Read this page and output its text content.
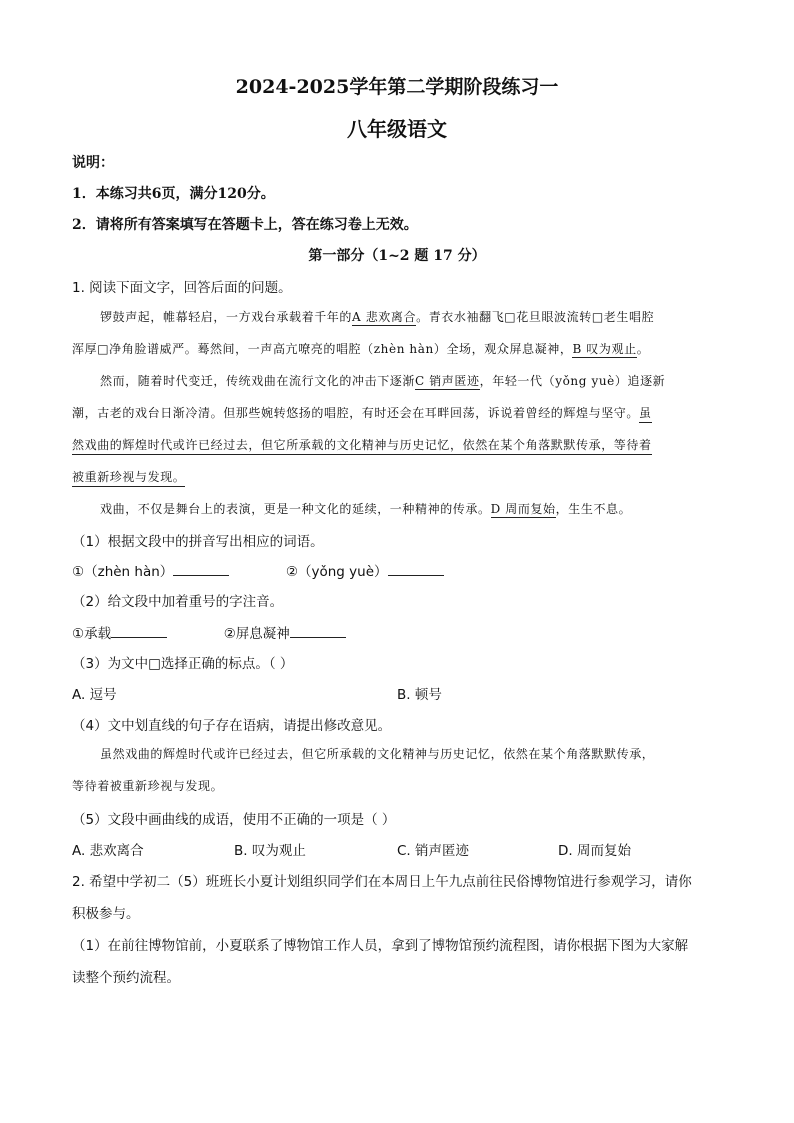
2024-2025学年第二学期阶段练习一
八年级语文
说明：
1．本练习共6页，满分120分。
2．请将所有答案填写在答题卡上，答在练习卷上无效。
第一部分（1~2 题 17 分）
1. 阅读下面文字，回答后面的问题。
锣鼓声起，帷幕轻启，一方戏台承载着千年的A 悲欢离合。青衣水袖翻飞□花旦眼波流转□老生唱腔
浑厚□净角脸谱威严。蓦然间，一声高亢嘹亮的唱腔（zhèn hàn）全场，观众屏息凝神，B 叹为观止。
然而，随着时代变迁，传统戏曲在流行文化的冲击下逐渐C 销声匿迹，年轻一代（yǒng yuè）追逐新
潮，古老的戏台日渐冷清。但那些婉转悠扬的唱腔，有时还会在耳畔回荡，诉说着曾经的辉煌与坚守。虽
然戏曲的辉煌时代或许已经过去，但它所承载的文化精神与历史记忆，依然在某个角落默默传承，等待着
被重新珍视与发现。
戏曲，不仅是舞台上的表演，更是一种文化的延续，一种精神的传承。D 周而复始，生生不息。
（1）根据文段中的拼音写出相应的词语。
①（zhèn hàn）	②（yǒng yuè）
（2）给文段中加着重号的字注音。
①承载	②屏息凝神
（3）为文中□选择正确的标点。（ ）
A. 逗号	B. 顿号
（4）文中划直线的句子存在语病，请提出修改意见。
虽然戏曲的辉煌时代或许已经过去，但它所承载的文化精神与历史记忆，依然在某个角落默默传承，
等待着被重新珍视与发现。
（5）文段中画曲线的成语，使用不正确的一项是（ ）
A. 悲欢离合	B. 叹为观止	C. 销声匿迹	D. 周而复始
2. 希望中学初二（5）班班长小夏计划组织同学们在本周日上午九点前往民俗博物馆进行参观学习，请你
积极参与。
（1）在前往博物馆前，小夏联系了博物馆工作人员，拿到了博物馆预约流程图，请你根据下图为大家解
读整个预约流程。
